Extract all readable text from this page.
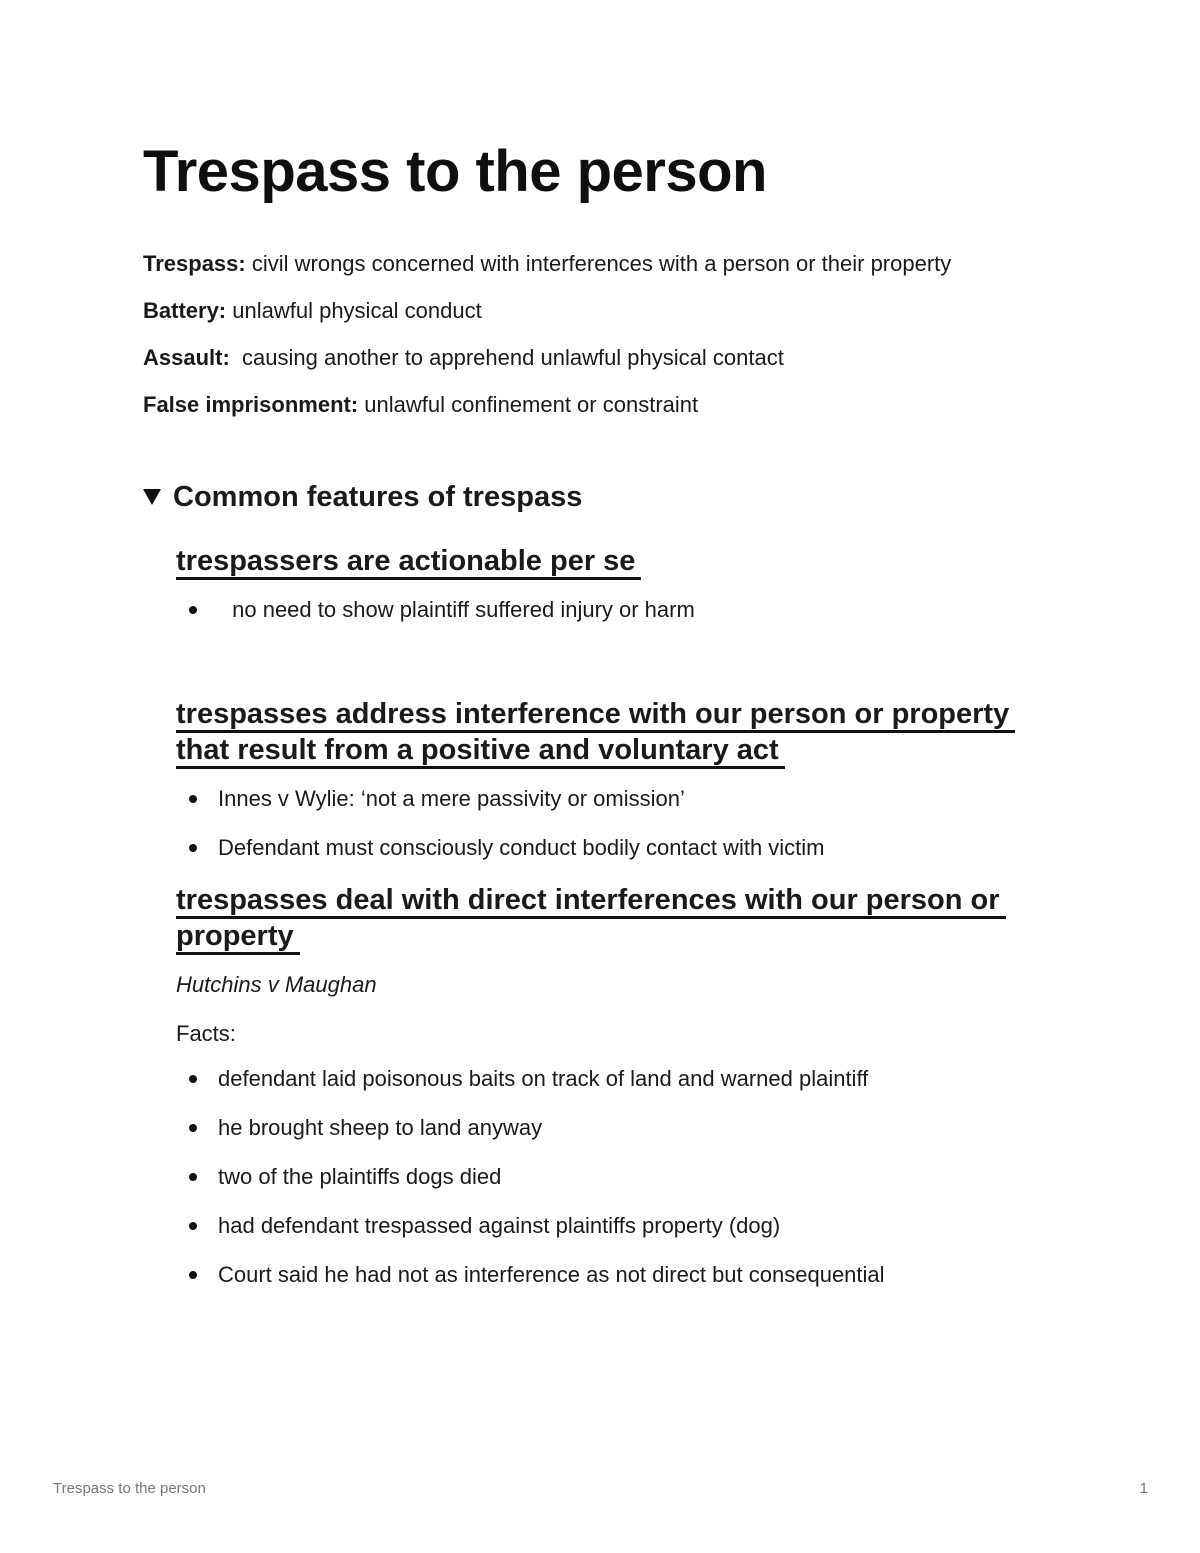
Trespass to the person

Trespass: civil wrongs concerned with interferences with a person or their property

Battery: unlawful physical conduct

Assault:  causing another to apprehend unlawful physical contact

False imprisonment: unlawful confinement or constraint

Common features of trespass
trespassers are actionable per se
no need to show plaintiff suffered injury or harm
trespasses address interference with our person or property that result from a positive and voluntary act
Innes v Wylie: ‘not a mere passivity or omission’
Defendant must consciously conduct bodily contact with victim
trespasses deal with direct interferences with our person or property
Hutchins v Maughan
Facts:
defendant laid poisonous baits on track of land and warned plaintiff
he brought sheep to land anyway
two of the plaintiffs dogs died
had defendant trespassed against plaintiffs property (dog)
Court said he had not as interference as not direct but consequential
Trespass to the person	1
